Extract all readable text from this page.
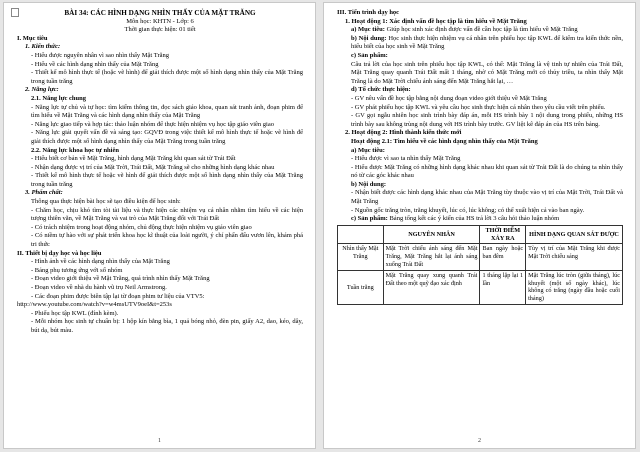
BÀI 34: CÁC HÌNH DẠNG NHÌN THẤY CỦA MẶT TRĂNG
Môn học: KHTN - Lớp: 6
Thời gian thực hiện: 01 tiết
I. Mục tiêu
1. Kiến thức:
- Hiểu được nguyên nhân vì sao nhìn thấy Mặt Trăng
- Hiểu về các hình dạng nhìn thấy của Mặt Trăng
- Thiết kế mô hình thực tế (hoặc vẽ hình) để giải thích được một số hình dạng nhìn thấy của Mặt Trăng trong tuần trăng
2. Năng lực:
2.1. Năng lực chung
- Năng lực tự chủ và tự học: tìm kiếm thông tin, đọc sách giáo khoa, quan sát tranh ảnh, đoạn phim để tìm hiểu về Mặt Trăng và các hình dạng nhìn thấy của Mặt Trăng
- Năng lực giao tiếp và hợp tác: thảo luận nhóm để thực hiện nhiệm vụ học tập giáo viên giao
- Năng lực giải quyết vấn đề và sáng tạo: GQVĐ trong việc thiết kế mô hình thực tế hoặc vẽ hình để giải thích được một số hình dạng nhìn thấy của Mặt Trăng trong tuần trăng
2.2. Năng lực khoa học tự nhiên
- Hiểu biết cơ bản về Mặt Trăng, hình dạng Mặt Trăng khi quan sát từ Trái Đất
- Nhận dạng được vị trí của Mặt Trời, Trái Đất, Mặt Trăng sẽ cho những hình dạng khác nhau
- Thiết kế mô hình thực tế hoặc vẽ hình để giải thích được một số hình dạng nhìn thấy của Mặt Trăng trong tuần trăng
3. Phẩm chất:
Thông qua thực hiện bài học sẽ tạo điều kiện để học sinh:
- Chăm học, chịu khó tìm tòi tài liệu và thực hiện các nhiệm vụ cá nhân nhằm tìm hiểu về các hiện tượng thiên văn, về Mặt Trăng và vai trò của Mặt Trăng đối với Trái Đất
- Có trách nhiệm trong hoạt động nhóm, chủ động thực hiện nhiệm vụ giáo viên giao
- Có niềm tự hào với sự phát triển khoa học kĩ thuật của loài người, ý chí phấn đấu vươn lên, khám phá tri thức
II. Thiết bị dạy học và học liệu
- Hình ảnh về các hình dạng nhìn thấy của Mặt Trăng
- Bảng phụ tương ứng với số nhóm
- Đoạn video giới thiệu về Mặt Trăng, quá trình nhìn thấy Mặt Trăng
- Đoạn video về nhà du hành vũ trụ Neil Armstrong.
- Các đoạn phim được biên tập lại từ đoạn phim tư liệu của VTV5:
http://www.youtube.com/watch?v=w4msUTV9oeI&t=253s
- Phiếu học tập KWL (đính kèm).
- Mỗi nhóm học sinh tự chuẩn bị: 1 hộp kín bằng bìa, 1 quả bóng nhỏ, đèn pin, giấy A2, dao, kéo, dây, bút dạ, bút màu.
1
III. Tiến trình dạy học
1. Hoạt động 1: Xác định vấn đề học tập là tìm hiểu về Mặt Trăng
a) Mục tiêu: Giúp học sinh xác định được vấn đề cần học tập là tìm hiểu về Mặt Trăng
b) Nội dung: Học sinh thực hiện nhiệm vụ cá nhân trên phiếu học tập KWL để kiểm tra kiến thức nền, hiểu biết của học sinh về Mặt Trăng
c) Sản phẩm:
Câu trả lời của học sinh trên phiếu học tập KWL, có thể: Mặt Trăng là vệ tinh tự nhiên của Trái Đất, Mặt Trăng quay quanh Trái Đất mất 1 tháng, nhờ có Mặt Trăng mới có thủy triều, ta nhìn thấy Mặt Trăng là do Mặt Trời chiếu ánh sáng đến Mặt Trăng hắt lại, …
d) Tổ chức thực hiện:
- GV nêu vấn đề học tập bằng nội dung đoạn video giới thiệu về Mặt Trăng
- GV phát phiếu học tập KWL và yêu cầu học sinh thực hiện cá nhân theo yêu cầu viết trên phiếu.
- GV gọi ngẫu nhiên học sinh trình bày đáp án, mỗi HS trình bày 1 nội dung trong phiếu, những HS trình bày sau không trùng nội dung với HS trình bày trước. GV liệt kê đáp án của HS trên bảng.
2. Hoạt động 2: Hình thành kiến thức mới
Hoạt động 2.1: Tìm hiểu về các hình dạng nhìn thấy của Mặt Trăng
a) Mục tiêu:
- Hiểu được vì sao ta nhìn thấy Mặt Trăng
- Hiểu được Mặt Trăng có những hình dạng khác nhau khi quan sát từ Trái Đất là do chúng ta nhìn thấy nó từ các góc khác nhau
b) Nội dung:
- Nhận biết được các hình dạng khác nhau của Mặt Trăng tùy thuộc vào vị trí của Mặt Trời, Trái Đất và Mặt Trăng
- Nguồn gốc trăng tròn, trăng khuyết, lúc có, lúc không; có thể xuất hiện cả vào ban ngày.
c) Sản phẩm: Bảng tổng kết các ý kiến của HS trả lời 3 câu hỏi thảo luận nhóm
	NGUYÊN NHÂN	THỜI ĐIỂM XẢY RA	HÌNH DẠNG QUAN SÁT ĐƯỢC
Nhìn thấy Mặt Trăng	Mặt Trời chiếu ánh sáng đến Mặt Trăng, Mặt Trăng hắt lại ánh sáng xuống Trái Đất	Ban ngày hoặc ban đêm	Tùy vị trí của Mặt Trăng khi được Mặt Trời chiếu sáng
Tuần trăng	Mặt Trăng quay xung quanh Trái Đất theo một quỹ đạo xác định	1 tháng lặp lại 1 lần	Mặt Trăng lúc tròn (giữa tháng), lúc khuyết (một số ngày khác), lúc không có trăng (ngày đầu hoặc cuối tháng)
2
